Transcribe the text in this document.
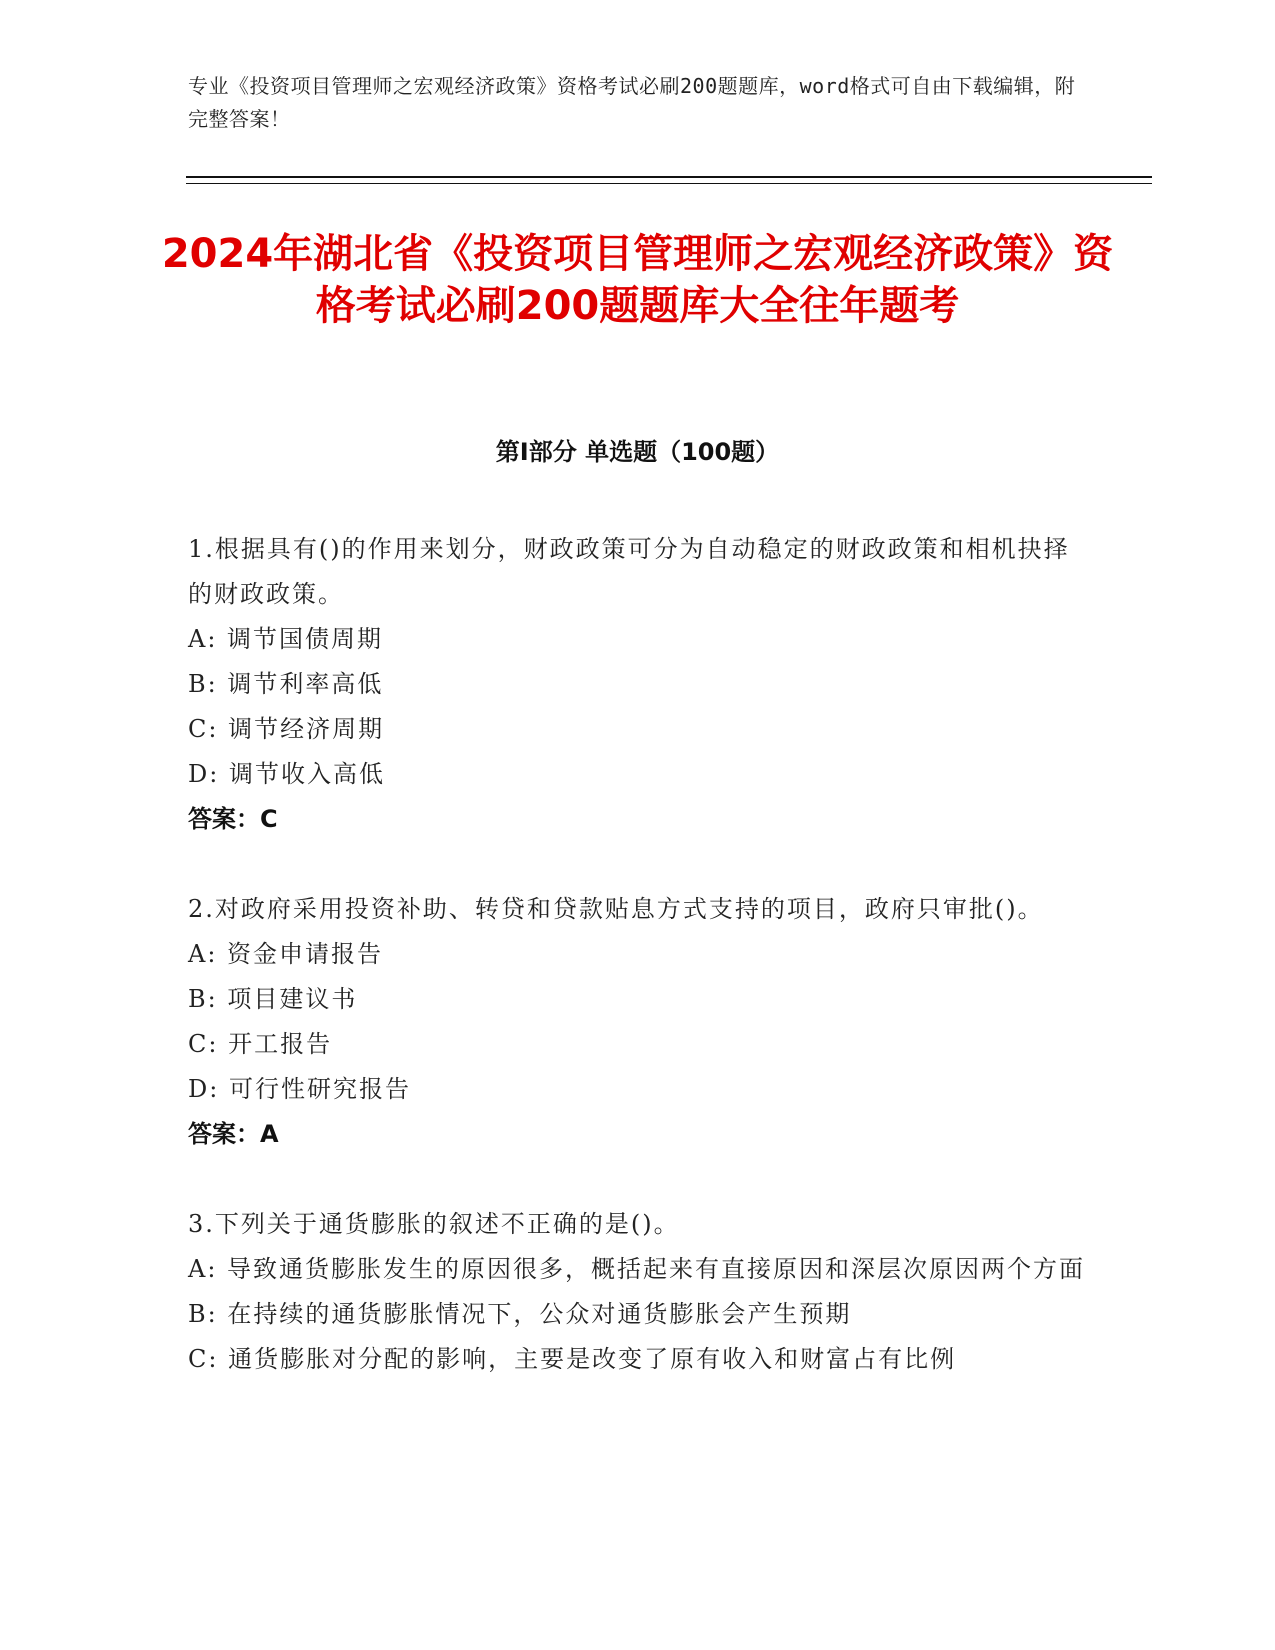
专业《投资项目管理师之宏观经济政策》资格考试必刷200题题库，word格式可自由下载编辑，附完整答案！
2024年湖北省《投资项目管理师之宏观经济政策》资格考试必刷200题题库大全往年题考
第I部分 单选题（100题）
1.根据具有()的作用来划分，财政政策可分为自动稳定的财政政策和相机抉择的财政政策。
A: 调节国债周期
B: 调节利率高低
C: 调节经济周期
D: 调节收入高低
答案：C
2.对政府采用投资补助、转贷和贷款贴息方式支持的项目，政府只审批()。
A: 资金申请报告
B: 项目建议书
C: 开工报告
D: 可行性研究报告
答案：A
3.下列关于通货膨胀的叙述不正确的是()。
A: 导致通货膨胀发生的原因很多，概括起来有直接原因和深层次原因两个方面
B: 在持续的通货膨胀情况下，公众对通货膨胀会产生预期
C: 通货膨胀对分配的影响，主要是改变了原有收入和财富占有比例
